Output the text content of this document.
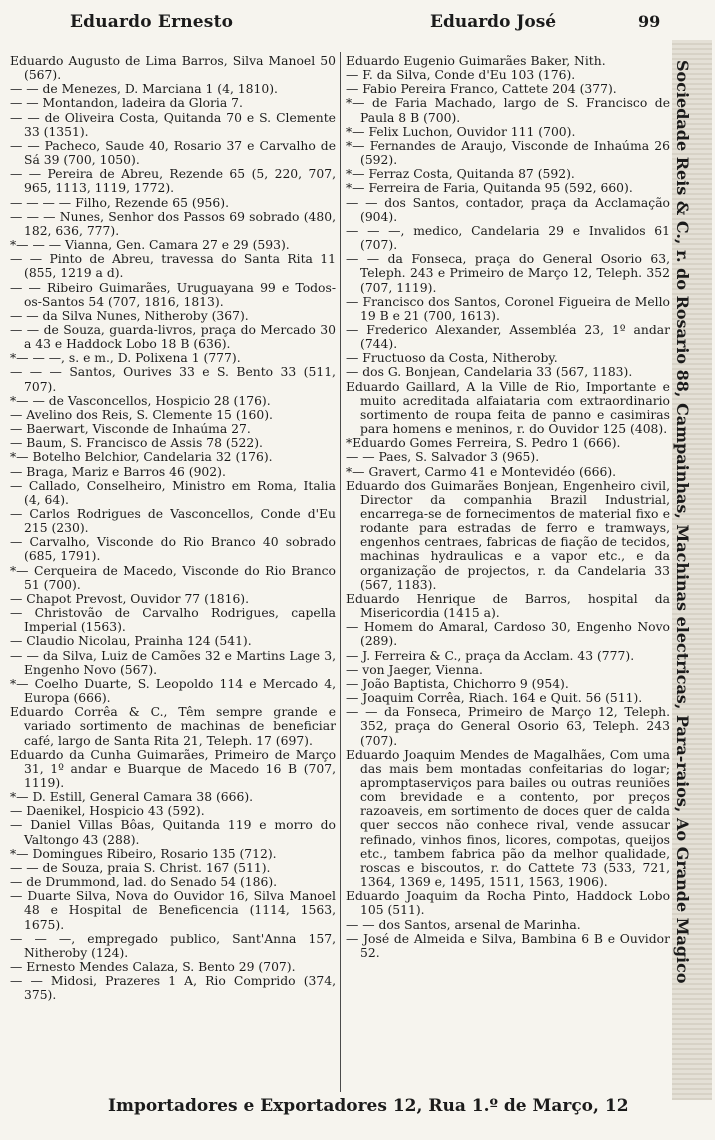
Eduardo Ernesto	Eduardo José	99

Eduardo Augusto de Lima Barros, Silva Manoel 50 (567).

— — de Menezes, D. Marciana 1 (4, 1810).

— — Montandon, ladeira da Gloria 7.

— — de Oliveira Costa, Quitanda 70 e S. Clemente 33 (1351).

— — Pacheco, Saude 40, Rosario 37 e Carvalho de Sá 39 (700, 1050).

— — Pereira de Abreu, Rezende 65 (5, 220, 707, 965, 1113, 1119, 1772).

— — — — Filho, Rezende 65 (956).

— — — Nunes, Senhor dos Passos 69 sobrado (480, 182, 636, 777).

*— — — Vianna, Gen. Camara 27 e 29 (593).

— — Pinto de Abreu, travessa do Santa Rita 11 (855, 1219 a d).

— — Ribeiro Guimarães, Uruguayana 99 e Todos-os-Santos 54 (707, 1816, 1813).

— — da Silva Nunes, Nitheroby (367).

— — de Souza, guarda-livros, praça do Mercado 30 a 43 e Haddock Lobo 18 B (636).

*— — —, s. e m., D. Polixena 1 (777).

— — — Santos, Ourives 33 e S. Bento 33 (511, 707).

*— — de Vasconcellos, Hospicio 28 (176).

— Avelino dos Reis, S. Clemente 15 (160).

— Baerwart, Visconde de Inhaúma 27.

— Baum, S. Francisco de Assis 78 (522).

*— Botelho Belchior, Candelaria 32 (176).

— Braga, Mariz e Barros 46 (902).

— Callado, Conselheiro, Ministro em Roma, Italia (4, 64).

— Carlos Rodrigues de Vasconcellos, Conde d'Eu 215 (230).

— Carvalho, Visconde do Rio Branco 40 sobrado (685, 1791).

*— Cerqueira de Macedo, Visconde do Rio Branco 51 (700).

— Chapot Prevost, Ouvidor 77 (1816).

— Christovão de Carvalho Rodrigues, capella Imperial (1563).

— Claudio Nicolau, Prainha 124 (541).

— — da Silva, Luiz de Camões 32 e Martins Lage 3, Engenho Novo (567).

*— Coelho Duarte, S. Leopoldo 114 e Mercado 4, Europa (666).

Eduardo Corrêa & C., Têm sempre grande e variado sortimento de machinas de beneficiar café, largo de Santa Rita 21, Teleph. 17 (697).

Eduardo da Cunha Guimarães, Primeiro de Março 31, 1º andar e Buarque de Macedo 16 B (707, 1119).

*— D. Estill, General Camara 38 (666).

— Daenikel, Hospicio 43 (592).

— Daniel Villas Bôas, Quitanda 119 e morro do Valtongo 43 (288).

*— Domingues Ribeiro, Rosario 135 (712).

— — de Souza, praia S. Christ. 167 (511).

— de Drummond, lad. do Senado 54 (186).

— Duarte Silva, Nova do Ouvidor 16, Silva Manoel 48 e Hospital de Beneficencia (1114, 1563, 1675).

— — —, empregado publico, Sant'Anna 157, Nitheroby (124).

— Ernesto Mendes Calaza, S. Bento 29 (707).

— — Midosi, Prazeres 1 A, Rio Comprido (374, 375).

Eduardo Eugenio Guimarães Baker, Nith.

— F. da Silva, Conde d'Eu 103 (176).

— Fabio Pereira Franco, Cattete 204 (377).

*— de Faria Machado, largo de S. Francisco de Paula 8 B (700).

*— Felix Luchon, Ouvidor 111 (700).

*— Fernandes de Araujo, Visconde de Inhaúma 26 (592).

*— Ferraz Costa, Quitanda 87 (592).

*— Ferreira de Faria, Quitanda 95 (592, 660).

— — dos Santos, contador, praça da Acclamação (904).

— — —, medico, Candelaria 29 e Invalidos 61 (707).

— — da Fonseca, praça do General Osorio 63, Teleph. 243 e Primeiro de Março 12, Teleph. 352 (707, 1119).

— Francisco dos Santos, Coronel Figueira de Mello 19 B e 21 (700, 1613).

— Frederico Alexander, Assembléa 23, 1º andar (744).

— Fructuoso da Costa, Nitheroby.

— dos G. Bonjean, Candelaria 33 (567, 1183).

Eduardo Gaillard, A la Ville de Rio, Importante e muito acreditada alfaiataria com extraordinario sortimento de roupa feita de panno e casimiras para homens e meninos, r. do Ouvidor 125 (408).

*Eduardo Gomes Ferreira, S. Pedro 1 (666).

— — Paes, S. Salvador 3 (965).

*— Gravert, Carmo 41 e Montevidéo (666).

Eduardo dos Guimarães Bonjean, Engenheiro civil, Director da companhia Brazil Industrial, encarrega-se de fornecimentos de material fixo e rodante para estradas de ferro e tramways, engenhos centraes, fabricas de fiação de tecidos, machinas hydraulicas e a vapor etc., e da organização de projectos, r. da Candelaria 33 (567, 1183).

Eduardo Henrique de Barros, hospital da Misericordia (1415 a).

— Homem do Amaral, Cardoso 30, Engenho Novo (289).

— J. Ferreira & C., praça da Acclam. 43 (777).

— von Jaeger, Vienna.

— João Baptista, Chichorro 9 (954).

— Joaquim Corrêa, Riach. 164 e Quit. 56 (511).

— — da Fonseca, Primeiro de Março 12, Teleph. 352, praça do General Osorio 63, Teleph. 243 (707).

Eduardo Joaquim Mendes de Magalhães, Com uma das mais bem montadas confeitarias do logar; apromptaserviços para bailes ou outras reuniões com brevidade e a contento, por preços razoaveis, em sortimento de doces quer de calda quer seccos não conhece rival, vende assucar refinado, vinhos finos, licores, compotas, queijos etc., tambem fabrica pão da melhor qualidade, roscas e biscoutos, r. do Cattete 73 (533, 721, 1364, 1369 e, 1495, 1511, 1563, 1906).

Eduardo Joaquim da Rocha Pinto, Haddock Lobo 105 (511).

— — dos Santos, arsenal de Marinha.

— José de Almeida e Silva, Bambina 6 B e Ouvidor 52.	Sociedade Reis & C., r. do Rosario 88, Campainhas, Machinas electricas, Para-raios, Ao Grande Magico
Importadores e Exportadores 12, Rua 1.º de Março, 12
